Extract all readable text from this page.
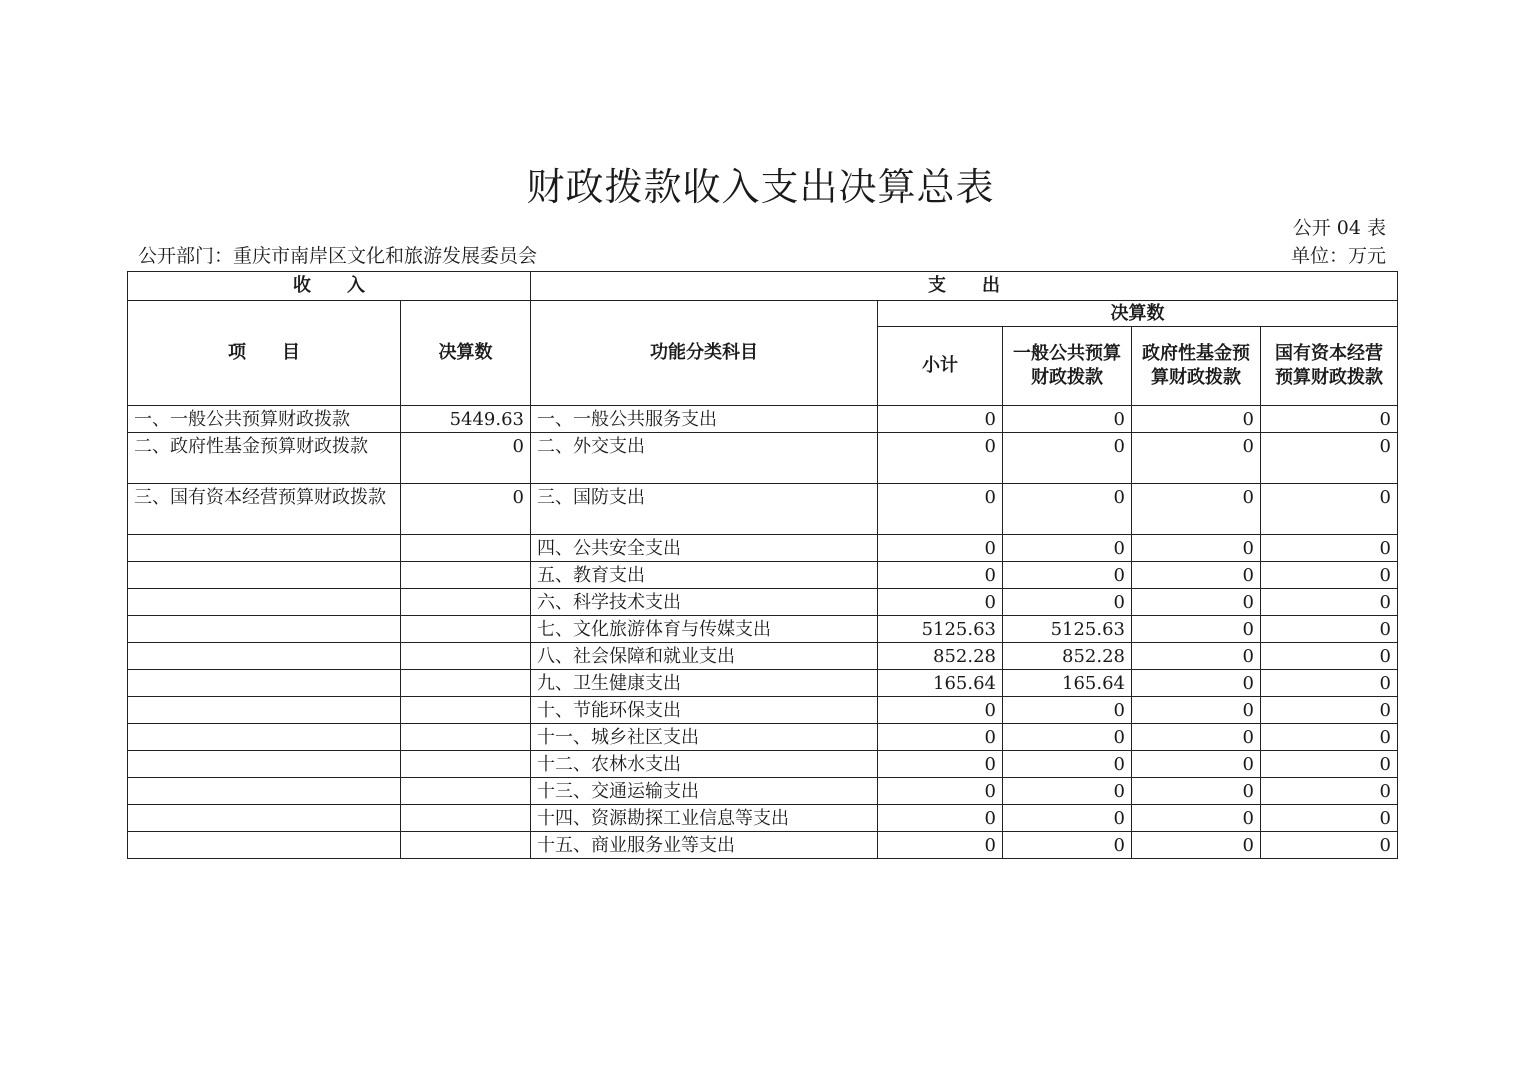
财政拨款收入支出决算总表
公开 04 表
公开部门：重庆市南岸区文化和旅游发展委员会	单位：万元
收　　入		支　　出				
项　　目	决算数	功能分类科目	决算数			
			小计	一般公共预算财政拨款	政府性基金预算财政拨款	国有资本经营预算财政拨款
一、一般公共预算财政拨款	5449.63	一、一般公共服务支出	0	0	0	0
二、政府性基金预算财政拨款	0	二、外交支出	0	0	0	0
三、国有资本经营预算财政拨款	0	三、国防支出	0	0	0	0
		四、公共安全支出	0	0	0	0
		五、教育支出	0	0	0	0
		六、科学技术支出	0	0	0	0
		七、文化旅游体育与传媒支出	5125.63	5125.63	0	0
		八、社会保障和就业支出	852.28	852.28	0	0
		九、卫生健康支出	165.64	165.64	0	0
		十、节能环保支出	0	0	0	0
		十一、城乡社区支出	0	0	0	0
		十二、农林水支出	0	0	0	0
		十三、交通运输支出	0	0	0	0
		十四、资源勘探工业信息等支出	0	0	0	0
		十五、商业服务业等支出	0	0	0	0
